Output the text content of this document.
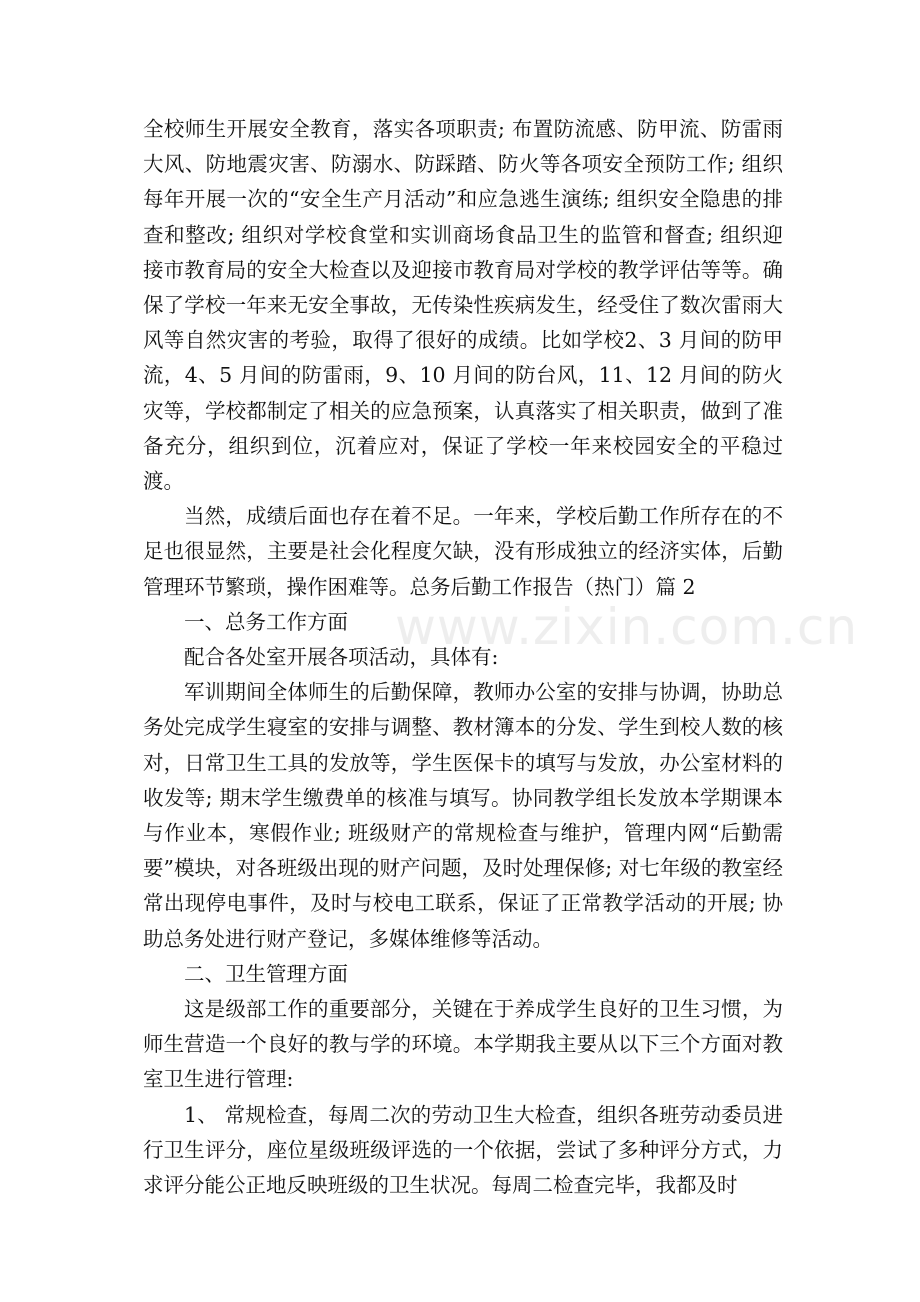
全校师生开展安全教育，落实各项职责; 布置防流感、防甲流、防雷雨大风、防地震灾害、防溺水、防踩踏、防火等各项安全预防工作; 组织每年开展一次的“安全生产月活动”和应急逃生演练; 组织安全隐患的排查和整改; 组织对学校食堂和实训商场食品卫生的监管和督查; 组织迎接市教育局的安全大检查以及迎接市教育局对学校的教学评估等等。确保了学校一年来无安全事故，无传染性疾病发生，经受住了数次雷雨大风等自然灾害的考验，取得了很好的成绩。比如学校2、3 月间的防甲流，4、5 月间的防雷雨，9、10 月间的防台风，11、12 月间的防火灾等，学校都制定了相关的应急预案，认真落实了相关职责，做到了准备充分，组织到位，沉着应对，保证了学校一年来校园安全的平稳过渡。

当然，成绩后面也存在着不足。一年来，学校后勤工作所存在的不足也很显然，主要是社会化程度欠缺，没有形成独立的经济实体，后勤管理环节繁琐，操作困难等。总务后勤工作报告（热门）篇 2

一、总务工作方面

配合各处室开展各项活动，具体有:

军训期间全体师生的后勤保障，教师办公室的安排与协调，协助总务处完成学生寝室的安排与调整、教材簿本的分发、学生到校人数的核对，日常卫生工具的发放等，学生医保卡的填写与发放，办公室材料的收发等; 期末学生缴费单的核准与填写。协同教学组长发放本学期课本与作业本，寒假作业; 班级财产的常规检查与维护，管理内网“后勤需要”模块，对各班级出现的财产问题，及时处理保修; 对七年级的教室经常出现停电事件，及时与校电工联系，保证了正常教学活动的开展; 协助总务处进行财产登记，多媒体维修等活动。

二、卫生管理方面

这是级部工作的重要部分，关键在于养成学生良好的卫生习惯，为师生营造一个良好的教与学的环境。本学期我主要从以下三个方面对教室卫生进行管理:

1、 常规检查，每周二次的劳动卫生大检查，组织各班劳动委员进行卫生评分，座位星级班级评选的一个依据，尝试了多种评分方式，力求评分能公正地反映班级的卫生状况。每周二检查完毕，我都及时

www.zixin.com.cn
